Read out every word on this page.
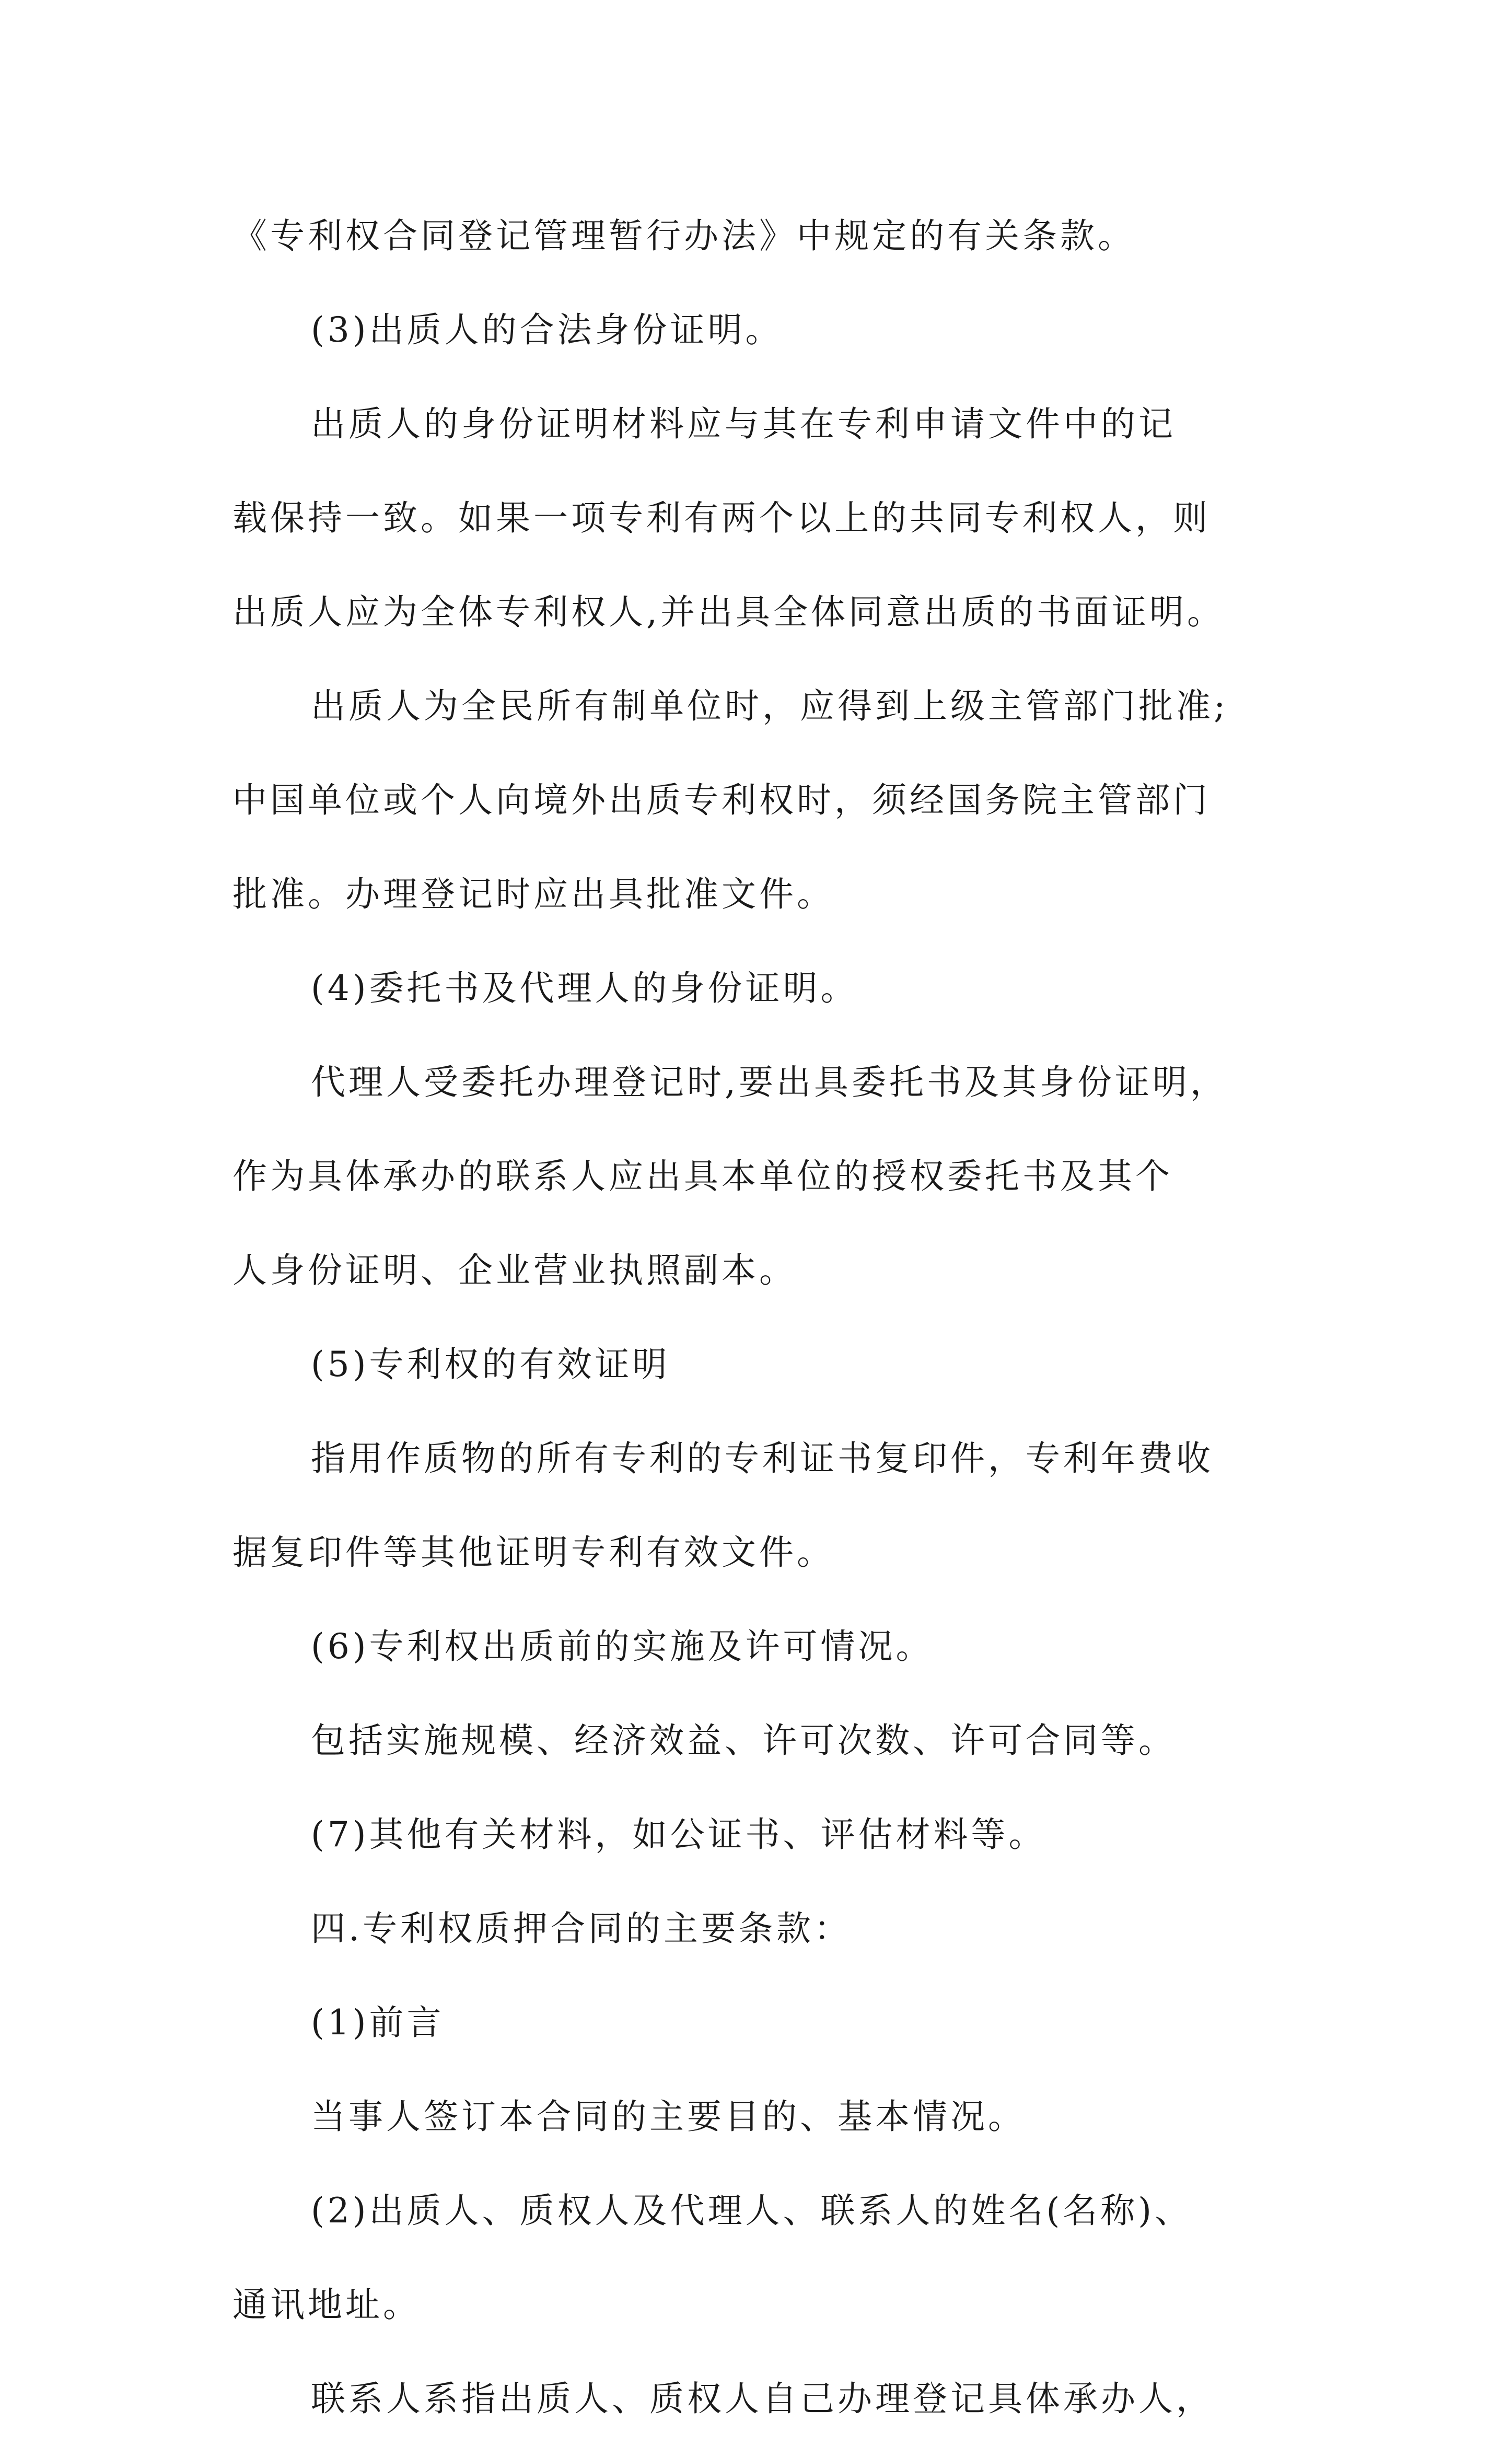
《专利权合同登记管理暂行办法》中规定的有关条款。
(3)出质人的合法身份证明。
出质人的身份证明材料应与其在专利申请文件中的记
载保持一致。如果一项专利有两个以上的共同专利权人，则
出质人应为全体专利权人,并出具全体同意出质的书面证明。
出质人为全民所有制单位时，应得到上级主管部门批准;
中国单位或个人向境外出质专利权时，须经国务院主管部门
批准。办理登记时应出具批准文件。
(4)委托书及代理人的身份证明。
代理人受委托办理登记时,要出具委托书及其身份证明，
作为具体承办的联系人应出具本单位的授权委托书及其个
人身份证明、企业营业执照副本。
(5)专利权的有效证明
指用作质物的所有专利的专利证书复印件，专利年费收
据复印件等其他证明专利有效文件。
(6)专利权出质前的实施及许可情况。
包括实施规模、经济效益、许可次数、许可合同等。
(7)其他有关材料，如公证书、评估材料等。
四.专利权质押合同的主要条款：
(1)前言
当事人签订本合同的主要目的、基本情况。
(2)出质人、质权人及代理人、联系人的姓名(名称)、
通讯地址。
联系人系指出质人、质权人自己办理登记具体承办人，
